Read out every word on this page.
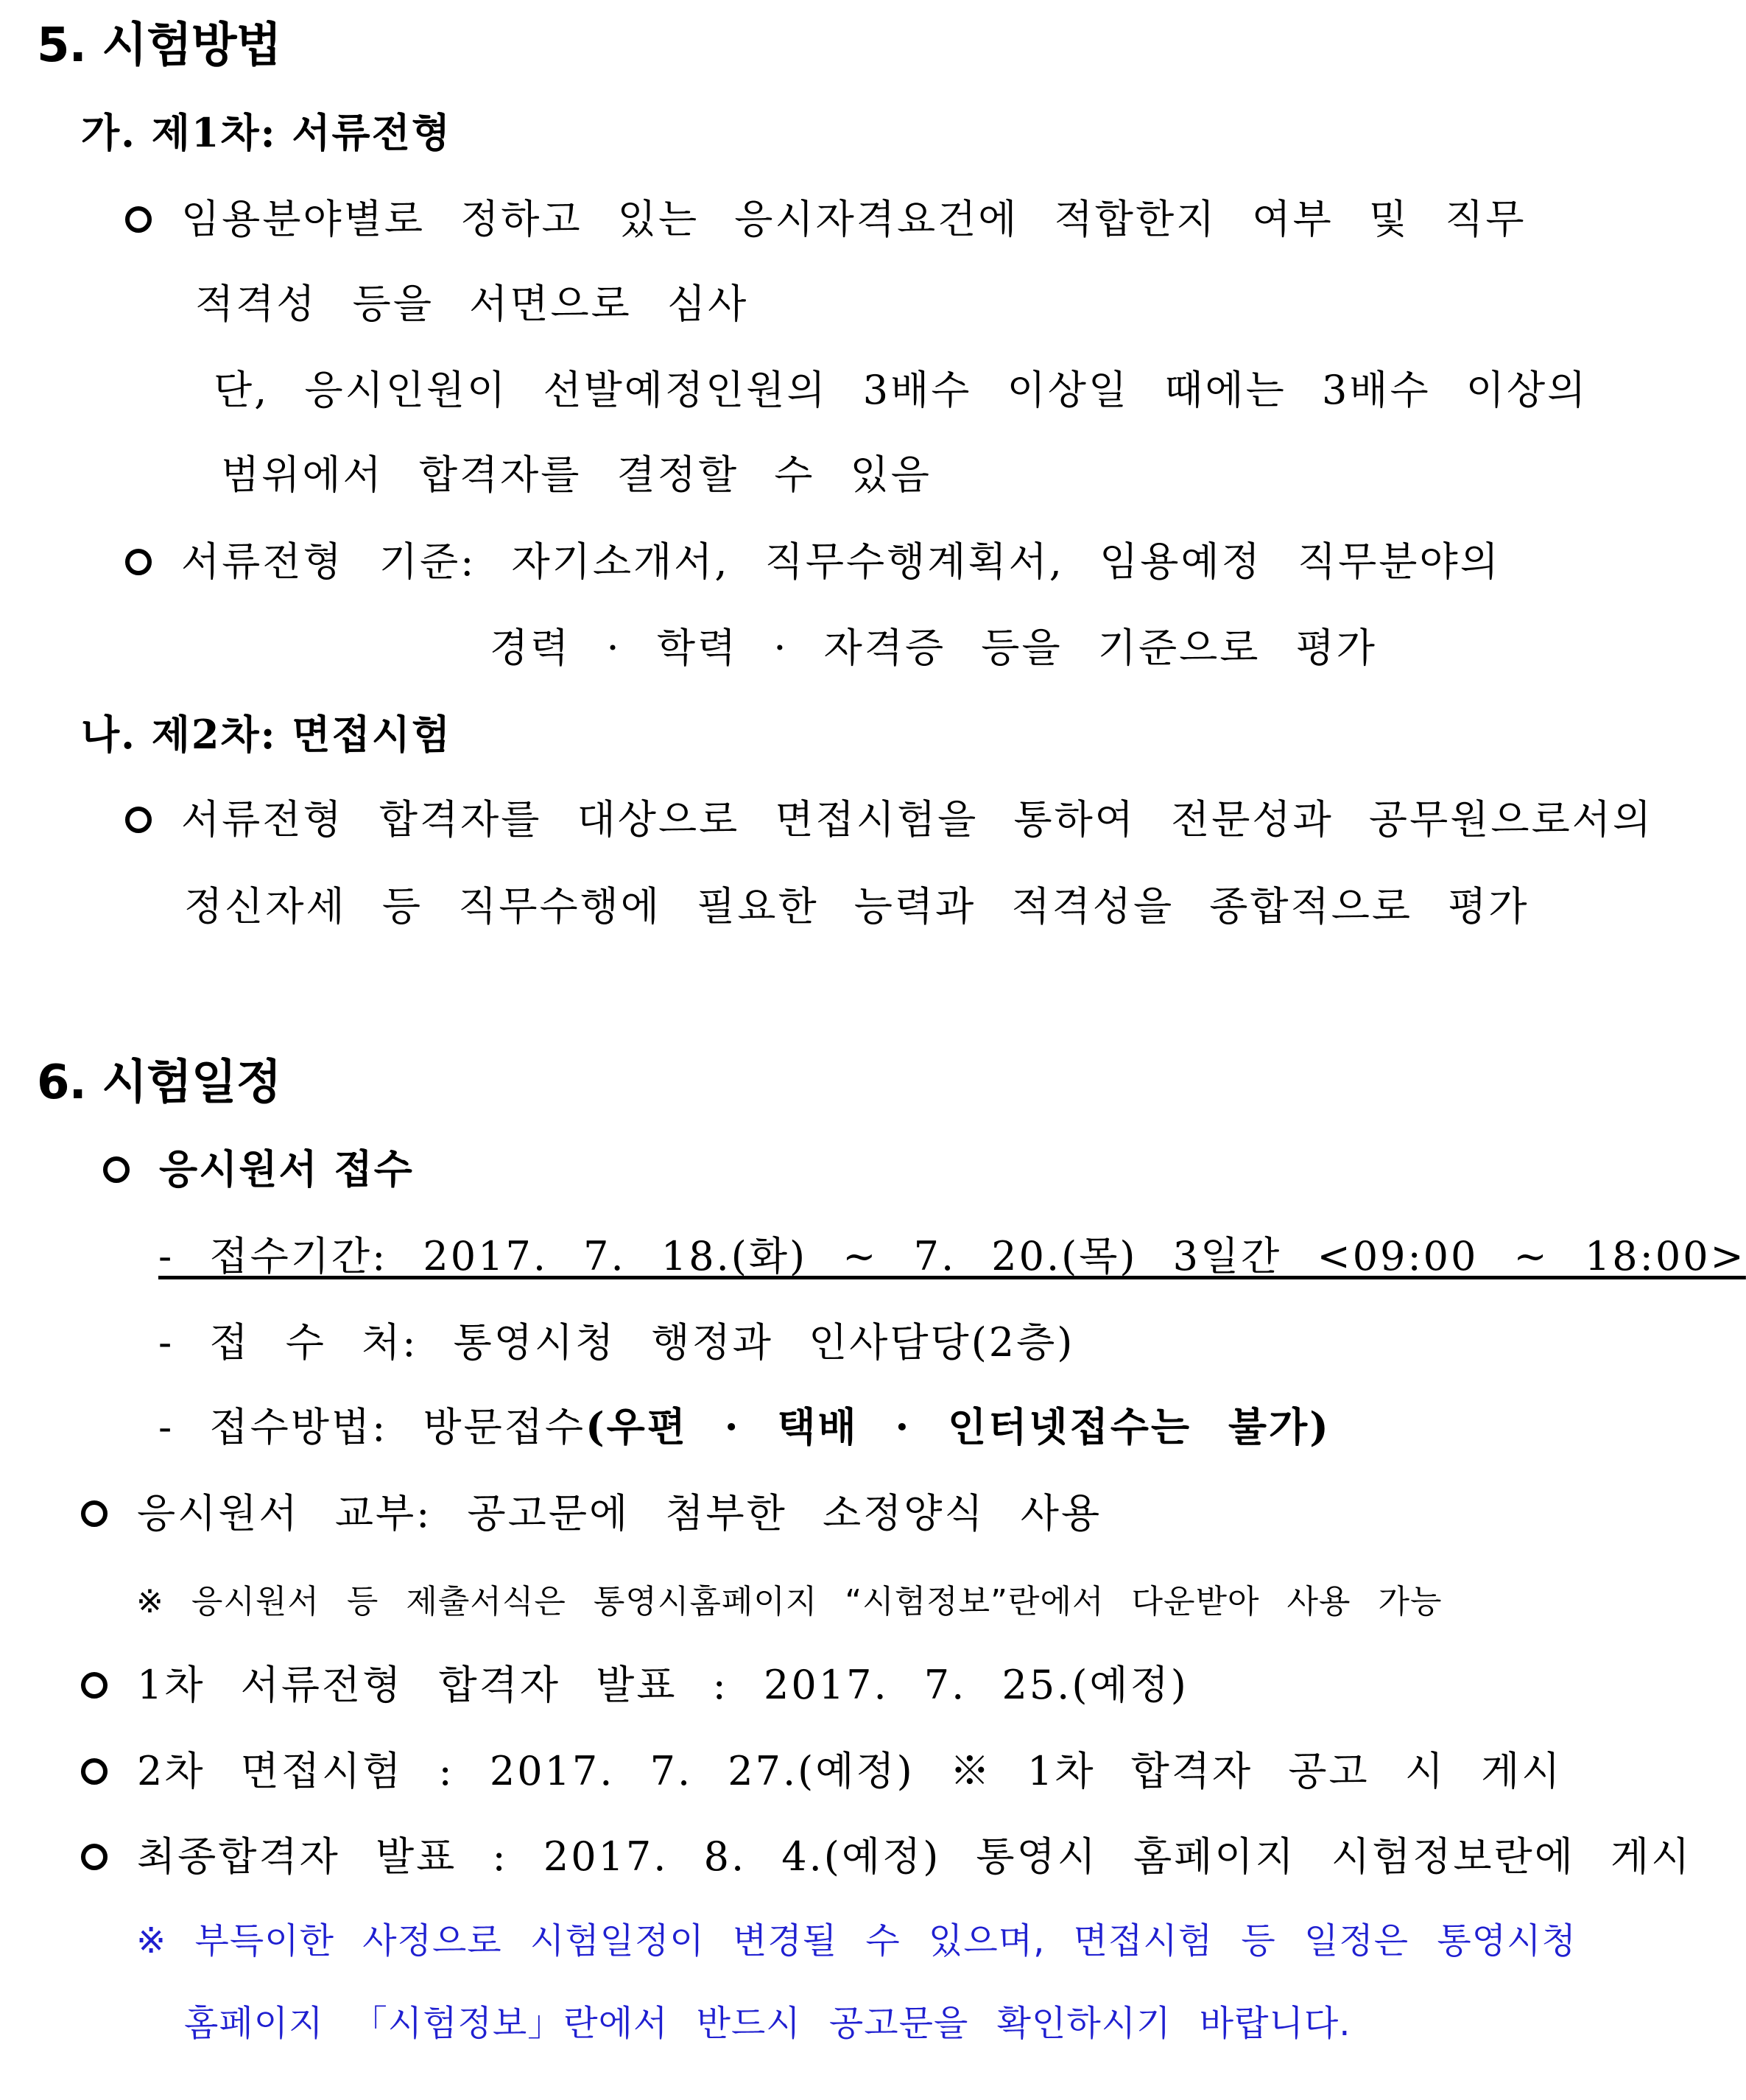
5. 시험방법
가. 제1차: 서류전형
임용분야별로 정하고 있는 응시자격요건에 적합한지 여부 및 직무
적격성 등을 서면으로 심사
단, 응시인원이 선발예정인원의 3배수 이상일 때에는 3배수 이상의
범위에서 합격자를 결정할 수 있음
서류전형 기준: 자기소개서, 직무수행계획서, 임용예정 직무분야의
경력 · 학력 · 자격증 등을 기준으로 평가
나. 제2차: 면접시험
서류전형 합격자를 대상으로 면접시험을 통하여 전문성과 공무원으로서의
정신자세 등 직무수행에 필요한 능력과 적격성을 종합적으로 평가
6. 시험일정
응시원서 접수
- 접수기간: 2017. 7. 18.(화) ~ 7. 20.(목) 3일간 <09:00 ~ 18:00>
- 접 수 처: 통영시청 행정과 인사담당(2층)
- 접수방법: 방문접수(우편 · 택배 · 인터넷접수는 불가)
응시원서 교부: 공고문에 첨부한 소정양식 사용
※ 응시원서 등 제출서식은 통영시홈페이지 “시험정보”란에서 다운받아 사용 가능
1차 서류전형 합격자 발표 : 2017. 7. 25.(예정)
2차 면접시험 : 2017. 7. 27.(예정) ※ 1차 합격자 공고 시 게시
최종합격자 발표 : 2017. 8. 4.(예정) 통영시 홈페이지 시험정보란에 게시
※ 부득이한 사정으로 시험일정이 변경될 수 있으며, 면접시험 등 일정은 통영시청
홈페이지 「시험정보」란에서 반드시 공고문을 확인하시기 바랍니다.
